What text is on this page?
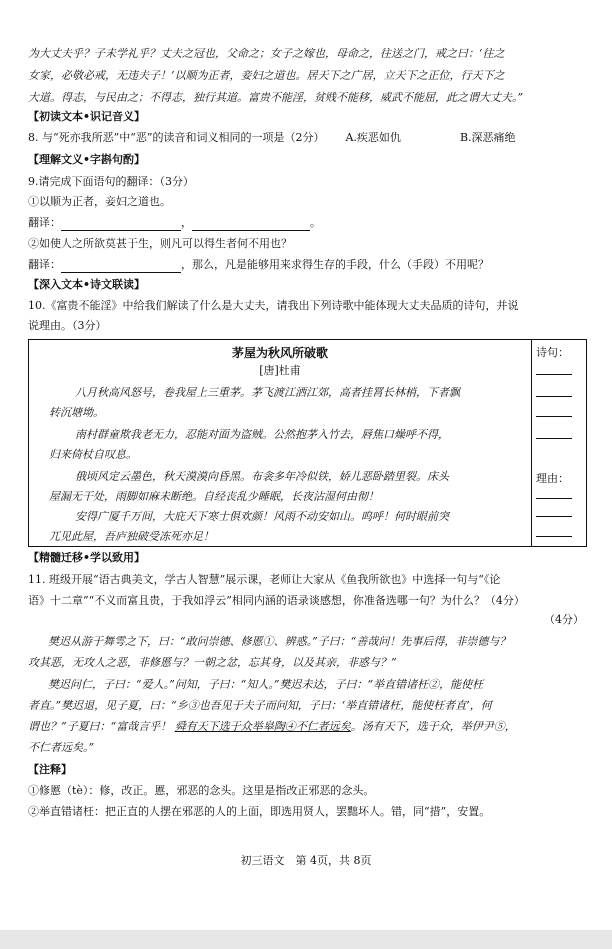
为大丈夫乎？子未学礼乎？丈夫之冠也，父命之；女子之嫁也，母命之，往送之门，戒之曰：‘往之
女家，必敬必戒，无违夫子！’以顺为正者，妾妇之道也。居天下之广居，立天下之正位，行天下之
大道。得志，与民由之；不得志，独行其道。富贵不能淫，贫贱不能移，威武不能屈，此之谓大丈夫。”
【初读文本•识记音义】
8. 与“死亦我所恶”中“恶”的读音和词义相同的一项是（2分） A.疾恶如仇	B.深恶痛绝
【理解文义•字斟句酌】
9.请完成下面语句的翻译：（3分）
①以顺为正者，妾妇之道也。
翻译：	，	。
②如使人之所欲莫甚于生，则凡可以得生者何不用也？
翻译：	，那么，凡是能够用来求得生存的手段，什么（手段）不用呢？
【深入文本•诗文联读】
10.《富贵不能淫》中给我们解读了什么是大丈夫，请我出下列诗歌中能体现大丈夫品质的诗句，并说
说理由。（3分）
茅屋为秋风所破歌
[唐]杜甫
八月秋高风怒号，卷我屋上三重茅。茅飞渡江洒江郊，高者挂罥长林梢，下者飘
转沉塘坳。
南村群童欺我老无力，忍能对面为盗贼。公然抱茅入竹去，唇焦口燥呼不得，
归来倚杖自叹息。
俄顷风定云墨色，秋天漠漠向昏黑。布衾多年冷似铁，娇儿恶卧踏里裂。床头
屋漏无干处，雨脚如麻未断绝。自经丧乱少睡眠，长夜沾湿何由彻！
安得广厦千万间，大庇天下寒士俱欢颜！风雨不动安如山。呜呼！何时眼前突
兀见此屋，吾庐独破受冻死亦足！
诗句：
理由：
【精髓迁移•学以致用】
11. 班级开展“语古典美文，学古人智慧”展示课，老师让大家从《鱼我所欲也》中选择一句与“《论
语》十二章”“不义而富且贵，于我如浮云”相同内涵的语录谈感想，你准备选哪一句？为什么？（4分）
（4分）
樊迟从游于舞雩之下，曰：“敢问崇德、修慝①、辨惑。”子曰：“善哉问！先事后得，非崇德与？
攻其恶，无攻人之恶，非修慝与？一朝之忿，忘其身，以及其亲，非惑与？”
樊迟问仁，子曰：“爱人。”问知，子曰：“知人。”樊迟未达，子曰：“举直错诸枉②，能使枉
者直。”樊迟退，见子夏，曰：“乡③也吾见于夫子而问知，子曰：‘举直错诸枉，能使枉者直’，何
谓也？”子夏曰：“富哉言乎！ 舜有天下选于众举皋陶④不仁者远矣。汤有天下，选于众，举伊尹⑤，
不仁者远矣。”
【注释】
①修慝（tè）：修，改正。慝，邪恶的念头。这里是指改正邪恶的念头。
②举直错诸枉：把正直的人摆在邪恶的人的上面，即选用贤人，罢黜坏人。错，同“措”，安置。
初三语文　第 4页，共 8页
